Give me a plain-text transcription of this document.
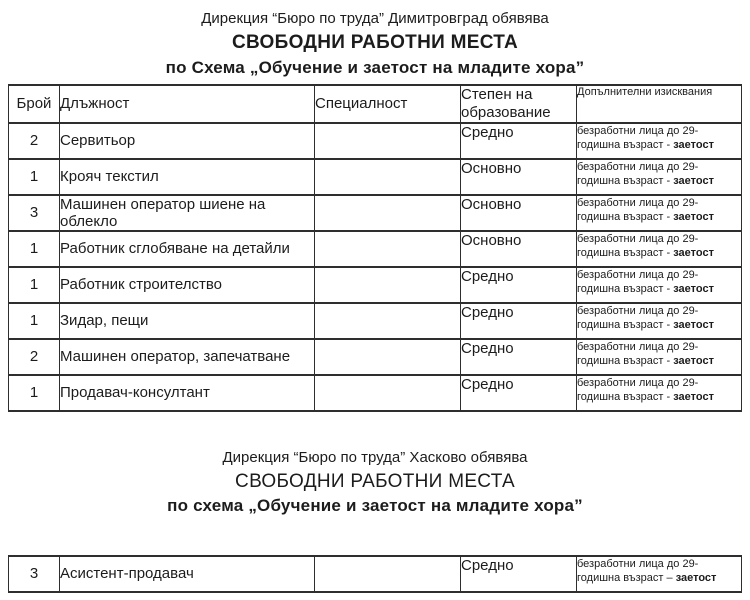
Дирекция “Бюро по труда” Димитровград обявява

СВОБОДНИ РАБОТНИ МЕСТА

по Схема „Обучение и заетост на младите хора”

Брой	Длъжност	Специалност	Степен на образование	Допълнителни изисквания
2	Сервитьор		Средно	безработни лица до 29-
годишна възраст - заетост
1	Крояч текстил		Основно	безработни лица до 29-
годишна възраст - заетост
3	Машинен оператор шиене на облекло		Основно	безработни лица до 29-
годишна възраст - заетост
1	Работник сглобяване на детайли		Основно	безработни лица до 29-
годишна възраст - заетост
1	Работник строителство		Средно	безработни лица до 29-
годишна възраст - заетост
1	Зидар, пещи		Средно	безработни лица до 29-
годишна възраст - заетост
2	Машинен оператор, запечатване		Средно	безработни лица до 29-
годишна възраст - заетост
1	Продавач-консултант		Средно	безработни лица до 29-
годишна възраст - заетост

Дирекция “Бюро по труда” Хасково обявява

СВОБОДНИ РАБОТНИ МЕСТА

по схема „Обучение и заетост на младите хора”

3	Асистент-продавач		Средно	безработни лица до 29-
годишна възраст – заетост
